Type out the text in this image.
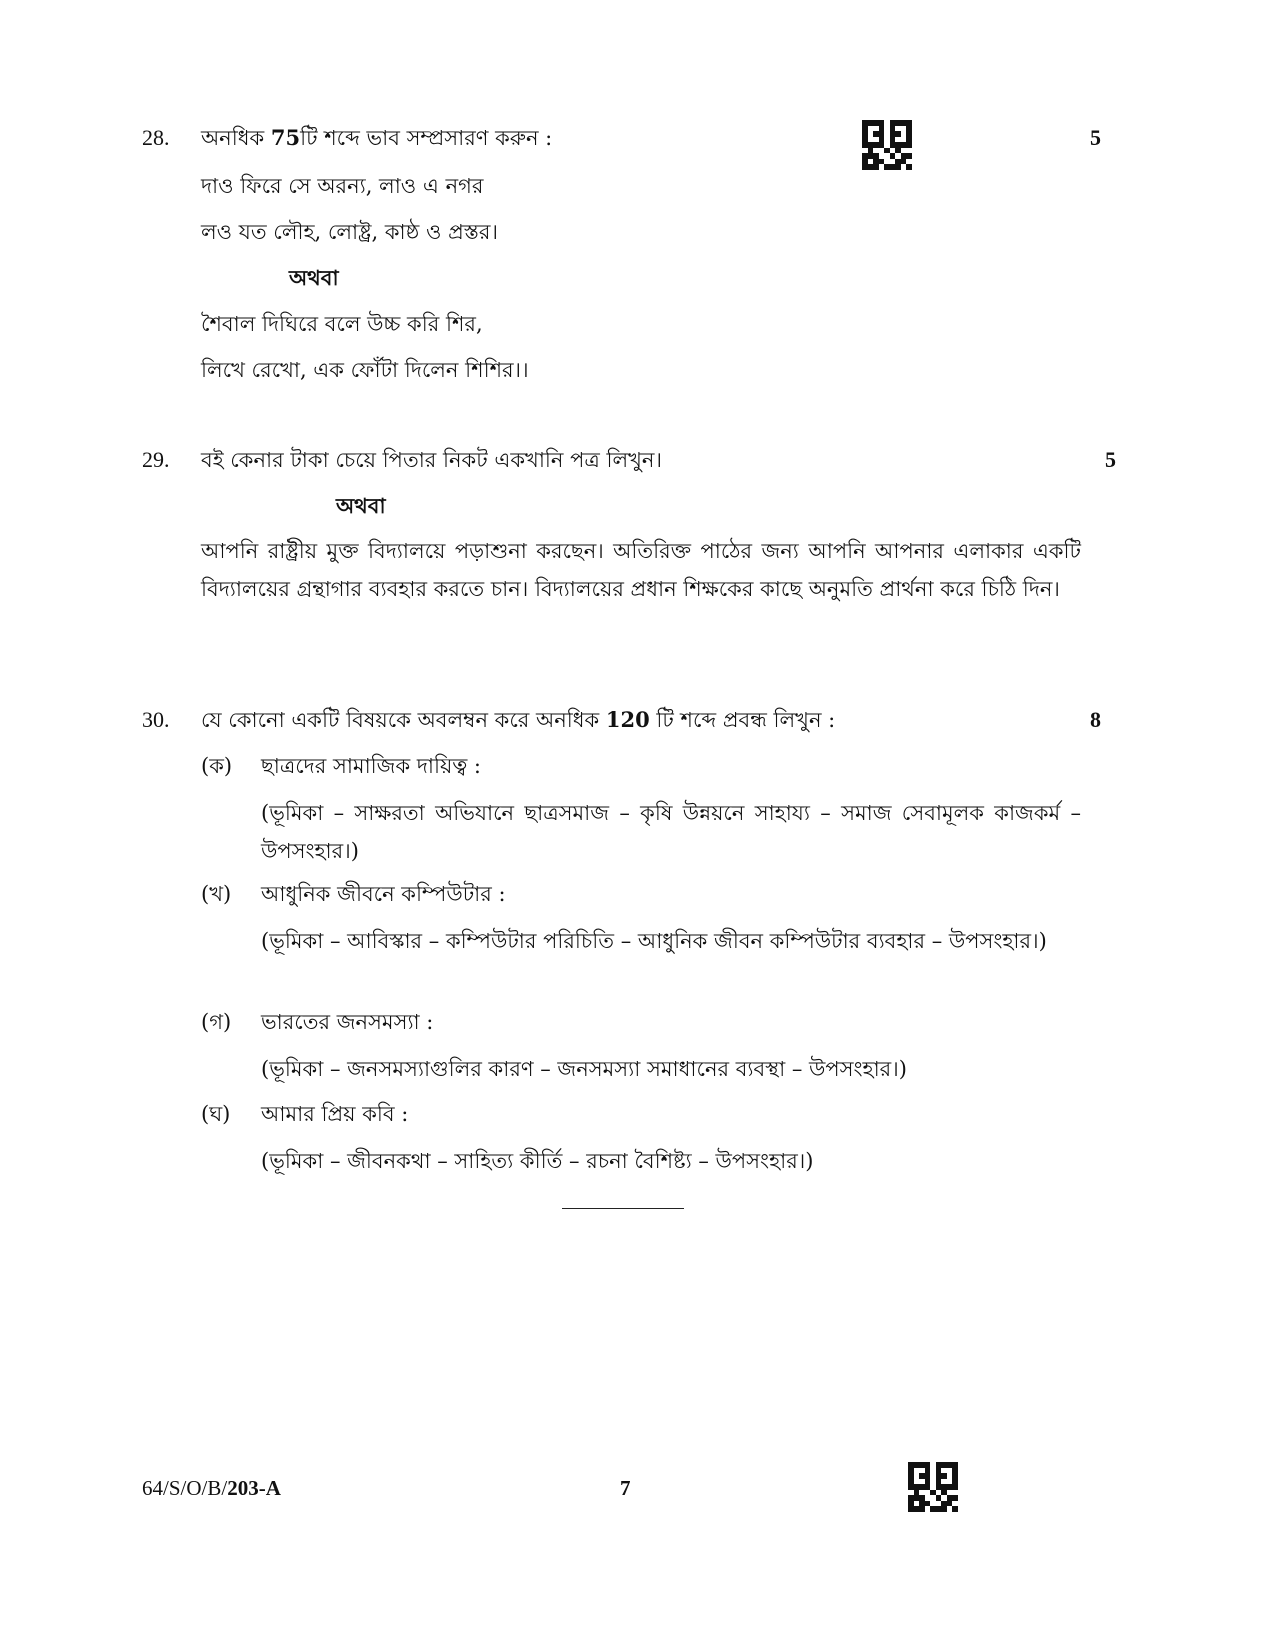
28. অনধিক 75টি শব্দে ভাব সম্প্রসারণ করুন :	5
দাও ফিরে সে অরন্য, লাও এ নগর
লও যত লৌহ, লোষ্ট্র, কাষ্ঠ ও প্রস্তর।
অথবা
শৈবাল দিঘিরে বলে উচ্চ করি শির,
লিখে রেখো, এক ফোঁটা দিলেন শিশির।।
29. বই কেনার টাকা চেয়ে পিতার নিকট একখানি পত্র লিখুন।	5
অথবা
আপনি রাষ্ট্রীয় মুক্ত বিদ্যালয়ে পড়াশুনা করছেন। অতিরিক্ত পাঠের জন্য আপনি আপনার এলাকার একটি বিদ্যালয়ের গ্রন্থাগার ব্যবহার করতে চান। বিদ্যালয়ের প্রধান শিক্ষকের কাছে অনুমতি প্রার্থনা করে চিঠি দিন।
30. যে কোনো একটি বিষয়কে অবলম্বন করে অনধিক 120 টি শব্দে প্রবন্ধ লিখুন :	8
(ক) ছাত্রদের সামাজিক দায়িত্ব :
(ভূমিকা – সাক্ষরতা অভিযানে ছাত্রসমাজ – কৃষি উন্নয়নে সাহায্য – সমাজ সেবামূলক কাজকর্ম – উপসংহার।)
(খ) আধুনিক জীবনে কম্পিউটার :
(ভূমিকা – আবিস্কার – কম্পিউটার পরিচিতি – আধুনিক জীবন কম্পিউটার ব্যবহার – উপসংহার।)
(গ) ভারতের জনসমস্যা :
(ভূমিকা – জনসমস্যাগুলির কারণ – জনসমস্যা সমাধানের ব্যবস্থা – উপসংহার।)
(ঘ) আমার প্রিয় কবি :
(ভূমিকা – জীবনকথা – সাহিত্য কীর্তি – রচনা বৈশিষ্ট্য – উপসংহার।)
64/S/O/B/203-A	7
